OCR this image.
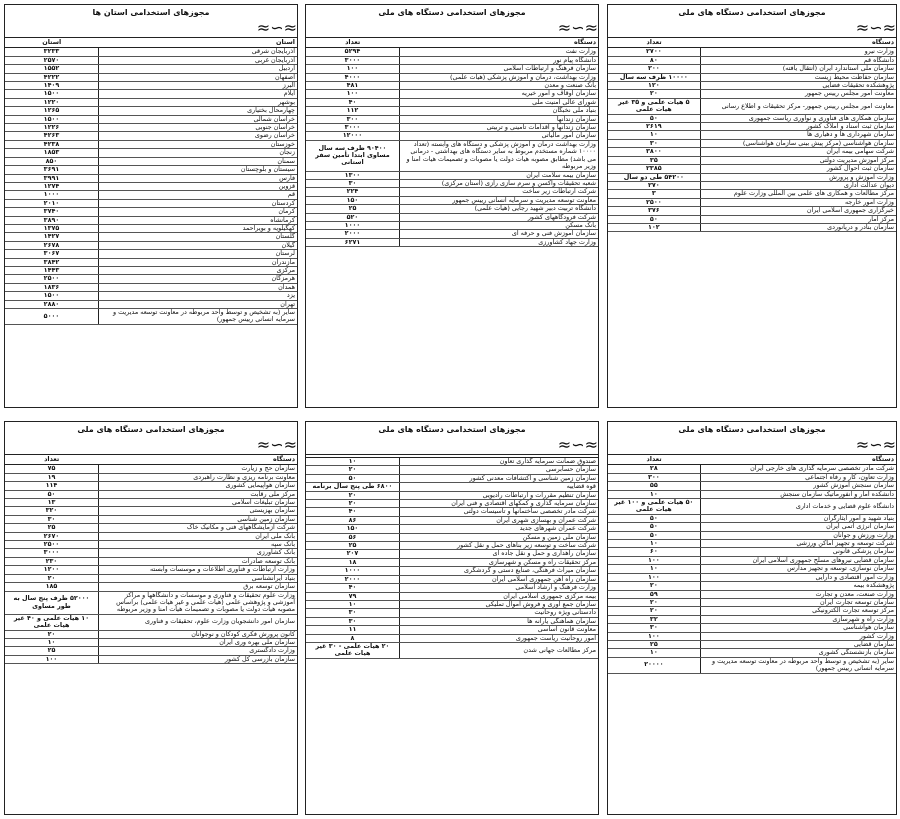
مجوزهای استخدامی دستگاه های ملی
≈∼≈
دستگاه	تعداد
وزارت نیرو	۲۷۰۰
دانشگاه قم	۸۰
سازمان ملی استاندارد ایران (انتقال یافته)	۲۰۰
سازمان حفاظت محیط زیست	۱۰۰۰۰ ظرف سه سال
پژوهشکده تحقیقات فضایی	۱۲۰
معاونت امور مجلس رییس جمهور	۲۰
معاونت امور مجلس رییس جمهور- مرکز تحقیقات و اطلاع رسانی	۵ هیات علمی و ۳۵ غیر هیات علمی
سازمان همکاری های فناوری و نوآوری ریاست جمهوری	۵۰
سازمان ثبت اسناد و املاک کشور	۲۶۱۹
سازمان شهرداری ها و دهیاری ها	۱۰
سازمان هواشناسی (مرکز پیش بینی سازمان هواشناسی)	۳۰
شرکت سهامی بیمه ایران	۳۸۰۰
مرکز آموزش مدیریت دولتی	۳۵
سازمان ثبت احوال کشور	۲۳۸۵
وزارت آموزش و پرورش	۵۴۲۰۰ طی دو سال
دیوان عدالت اداری	۲۷۰
مرکز مطالعات و همکاری های علمی بین المللی وزارت علوم	۳
وزارت امور خارجه	۲۵۰۰
خبرگزاری جمهوری اسلامی ایران	۳۷۶
مرکز آمار	۵۰
سازمان بنادر و دریانوردی	۱۰۲
مجوزهای استخدامی دستگاه های ملی
≈∼≈
دستگاه	تعداد
وزارت نفت	۵۲۹۴
دانشگاه پیام نور	۳۰۰۰
سازمان فرهنگ و ارتباطات اسلامی	۱۰۰
وزارت بهداشت، درمان و آموزش پزشکی (هیات علمی)	۴۰۰۰
بانک صنعت و معدن	۴۸۱
سازمان اوقاف و امور خیریه	۱۰۰
شورای عالی امنیت ملی	۴۰
بنیاد ملی نخبگان	۱۱۲
سازمان زندانها	۳۰۰
سازمان زندانها و اقدامات تامینی و تربیتی	۳۰۰۰
سازمان امور مالیاتی	۱۲۰۰۰
وزارت بهداشت درمان و آموزش پزشکی و دستگاه های وابسته (تعداد ۱۰۰۰۰ شماره مستخدم مربوط به سایر دستگاه های بهداشتی - درمانی می باشد) مطابق مصوبه هیات دولت یا مصوبات و تصمیمات هیات امنا و وزیر مربوطه	۹۰۴۰۰ ظرف سه سال مساوی ابتدا تأمین سفر استانی
سازمان بیمه سلامت ایران	۱۳۰۰
شعبه تحقیقات واکسن و سرم سازی رازی (استان مرکزی)	۳۰
شرکت ارتباطات زیر ساخت	۲۲۴
معاونت توسعه مدیریت و سرمایه انسانی رییس جمهور	۱۵۰
دانشگاه تربیت دبیر شهید رجایی (هیات علمی)	۲۵
شرکت فرودگاههای کشور	۵۲۰
بانک مسکن	۱۰۰۰
سازمان آموزش فنی و حرفه ای	۲۰۰۰
وزارت جهاد کشاورزی	۶۲۷۱
مجوزهای استخدامی استان ها
≈∼≈
استان	استان
آذربایجان شرقی	۳۲۳۳
آذربایجان غربی	۲۵۷۰
اردبیل	۱۵۵۲
اصفهان	۴۲۲۲
البرز	۱۴۰۹
ایلام	۱۵۰۰
بوشهر	۱۲۲۰
چهارمحال بختیاری	۱۲۶۵
خراسان شمالی	۱۵۰۰
خراسان جنوبی	۱۲۲۶
خراسان رضوی	۴۲۶۳
خوزستان	۴۲۳۸
زنجان	۱۸۵۳
سمنان	۸۵۰
سیستان و بلوچستان	۳۶۹۱
فارس	۳۹۹۱
قزوین	۱۲۷۴
قم	۱۰۰۰
کردستان	۲۰۱۰
کرمان	۳۷۴۰
کرمانشاه	۳۸۹۰
کهگیلویه و بویراحمد	۱۳۷۵
گلستان	۱۴۲۷
گیلان	۲۶۷۸
لرستان	۳۰۶۷
مازندران	۳۸۴۲
مرکزی	۱۴۴۳
هرمزگان	۲۵۰۰
همدان	۱۸۳۶
یزد	۱۵۰۰
تهران	۲۸۸۰
سایر (به تشخیص و توسط واحد مربوطه در معاونت توسعه مدیریت و سرمایه انسانی رییس جمهور)	۵۰۰۰
مجوزهای استخدامی دستگاه های ملی
≈∼≈
دستگاه	تعداد
شرکت مادر تخصصی سرمایه گذاری های خارجی ایران	۲۸
وزارت تعاون، کار و رفاه اجتماعی	۳۰۰
سازمان سنجش آموزش کشور	۵۵
دانشکده آمار و انفورماتیک سازمان سنجش	۱۰
دانشگاه علوم قضایی و خدمات اداری	۵۰ هیات علمی و ۱۰۰ غیر هیات علمی
بنیاد شهید و امور ایثارگران	۵۰
سازمان انرژی اتمی ایران	۵۰
وزارت ورزش و جوانان	۵۰
شرکت توسعه و تجهیز اماکن ورزشی	۱۰
سازمان پزشکی قانونی	۶۰
سازمان قضایی نیروهای مسلح جمهوری اسلامی ایران	۱۰۰
سازمان نوسازی، توسعه و تجهیز مدارس	۱۰
وزارت امور اقتصادی و دارایی	۱۰۰
پژوهشکده بیمه	۲۰
وزارت صنعت، معدن و تجارت	۵۹
سازمان توسعه تجارت ایران	۲۰
مرکز توسعه تجارت الکترونیکی	۲۰
وزارت راه و شهرسازی	۳۲
سازمان هواشناسی	۳۰
وزارت کشور	۱۰۰
سازمان قضایی	۲۵
سازمان بازنشستگی کشوری	۱۰
سایر (به تشخیص و توسط واحد مربوطه در معاونت توسعه مدیریت و سرمایه انسانی رییس جمهور)	۲۰۰۰۰
مجوزهای استخدامی دستگاه های ملی
≈∼≈

صندوق ضمانت سرمایه گذاری تعاون	۱۰
سازمان حسابرسی	۲۰
سازمان زمین شناسی و اکتشافات معدنی کشور	۵۰
قوه قضاییه	۶۸۰۰ طی پنج سال برنامه
سازمان تنظیم مقررات و ارتباطات رادیویی	۲۰
سازمان سرمایه گذاری و کمکهای اقتصادی و فنی ایران	۲۰
شرکت مادر تخصصی ساختمانها و تاسیسات دولتی	۴۰
شرکت عمران و بهسازی شهری ایران	۸۶
شرکت عمران شهرهای جدید	۱۵۰
سازمان ملی زمین و مسکن	۵۶
شرکت ساخت و توسعه زیر بناهای حمل و نقل کشور	۲۵
سازمان راهداری و حمل و نقل جاده ای	۲۰۷
مرکز تحقیقات راه و مسکن و شهرسازی	۱۸
سازمان میراث فرهنگی، صنایع دستی و گردشگری	۱۰۰۰
سازمان راه آهن جمهوری اسلامی ایران	۲۰۰۰
وزارت فرهنگ و ارشاد اسلامی	۴۰
بیمه مرکزی جمهوری اسلامی ایران	۷۹
سازمان جمع آوری و فروش اموال تملیکی	۱۰
دادستانی ویژه روحانیت	۳۰
سازمان هماهنگی یارانه ها	۳۰
معاونت قانون اساسی	۱۱
امور روحانیت ریاست جمهوری	۸
مرکز مطالعات جهانی شدن	۲۰ هیات علمی - ۳۰ غیر هیات علمی
مجوزهای استخدامی دستگاه های ملی
≈∼≈
دستگاه	تعداد
سازمان حج و زیارت	۷۵
معاونت برنامه ریزی و نظارت راهبردی	۱۹
سازمان هواپیمایی کشوری	۱۱۴
مرکز ملی رقابت	۵۰
سازمان تبلیغات اسلامی	۱۳
سازمان بهزیستی	۳۲۰
سازمان زمین شناسی	۳۰
شرکت آزمایشگاههای فنی و مکانیک خاک	۲۵
بانک ملی ایران	۲۶۷۰
بانک سپه	۲۵۰۰
بانک کشاورزی	۳۰۰۰
بانک توسعه صادرات	۲۳۰
وزارت ارتباطات و فناوری اطلاعات و موسسات وابسته	۱۲۰۰
بنیاد ایرانشناسی	۲۰
سازمان توسعه برق	۱۸۵
وزارت علوم تحقیقات و فناوری و موسسات و دانشگاهها و مراکز آموزشی و پژوهشی علمی (هیات علمی و غیر هیات علمی) براساس مصوبه هیات دولت یا مصوبات و تصمیمات هیات امنا و وزیر مربوطه	۵۲۰۰۰ ظرف پنج سال به طور مساوی
سازمان امور دانشجویان وزارت علوم، تحقیقات و فناوری	۱۰ هیات علمی و ۴۰ غیر هیات علمی
کانون پرورش فکری کودکان و نوجوانان	۲۰
سازمان ملی بهره وری ایران	۱۰
وزارت دادگستری	۲۵
سازمان بازرسی کل کشور	۱۰۰
